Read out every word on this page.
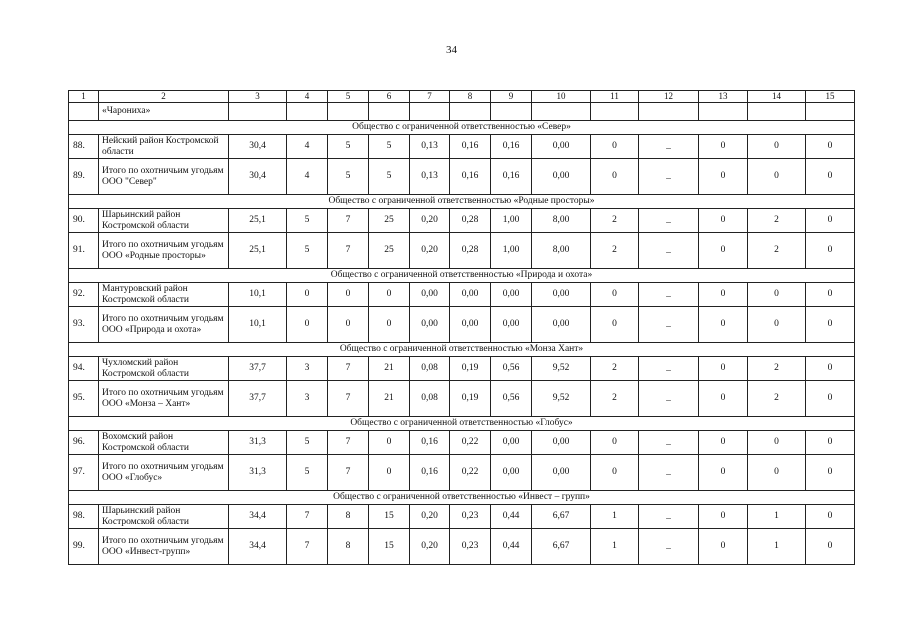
34
1	2	3	4	5	6	7	8	9	10	11	12	13	14	15
	«Чарониха»													
Общество с ограниченной ответственностью «Север»														
88.	Нейский район Костромской области	30,4	4	5	5	0,13	0,16	0,16	0,00	0	_	0	0	0
89.	Итого по охотничьим угодьям ООО "Север"	30,4	4	5	5	0,13	0,16	0,16	0,00	0	_	0	0	0
Общество с ограниченной ответственностью «Родные просторы»														
90.	Шарьинский район Костромской области	25,1	5	7	25	0,20	0,28	1,00	8,00	2	_	0	2	0
91.	Итого по охотничьим угодьям ООО «Родные просторы»	25,1	5	7	25	0,20	0,28	1,00	8,00	2	_	0	2	0
Общество с ограниченной ответственностью «Природа и охота»														
92.	Мантуровский район Костромской области	10,1	0	0	0	0,00	0,00	0,00	0,00	0	_	0	0	0
93.	Итого по охотничьим угодьям ООО «Природа и охота»	10,1	0	0	0	0,00	0,00	0,00	0,00	0	_	0	0	0
Общество с ограниченной ответственностью «Монза Хант»														
94.	Чухломский район Костромской области	37,7	3	7	21	0,08	0,19	0,56	9,52	2	_	0	2	0
95.	Итого по охотничьим угодьям ООО «Монза – Хант»	37,7	3	7	21	0,08	0,19	0,56	9,52	2	_	0	2	0
Общество с ограниченной ответственностью «Глобус»														
96.	Вохомский район Костромской области	31,3	5	7	0	0,16	0,22	0,00	0,00	0	_	0	0	0
97.	Итого по охотничьим угодьям ООО «Глобус»	31,3	5	7	0	0,16	0,22	0,00	0,00	0	_	0	0	0
Общество с ограниченной ответственностью «Инвест – групп»														
98.	Шарьинский район Костромской области	34,4	7	8	15	0,20	0,23	0,44	6,67	1	_	0	1	0
99.	Итого по охотничьим угодьям ООО «Инвест-групп»	34,4	7	8	15	0,20	0,23	0,44	6,67	1	_	0	1	0
